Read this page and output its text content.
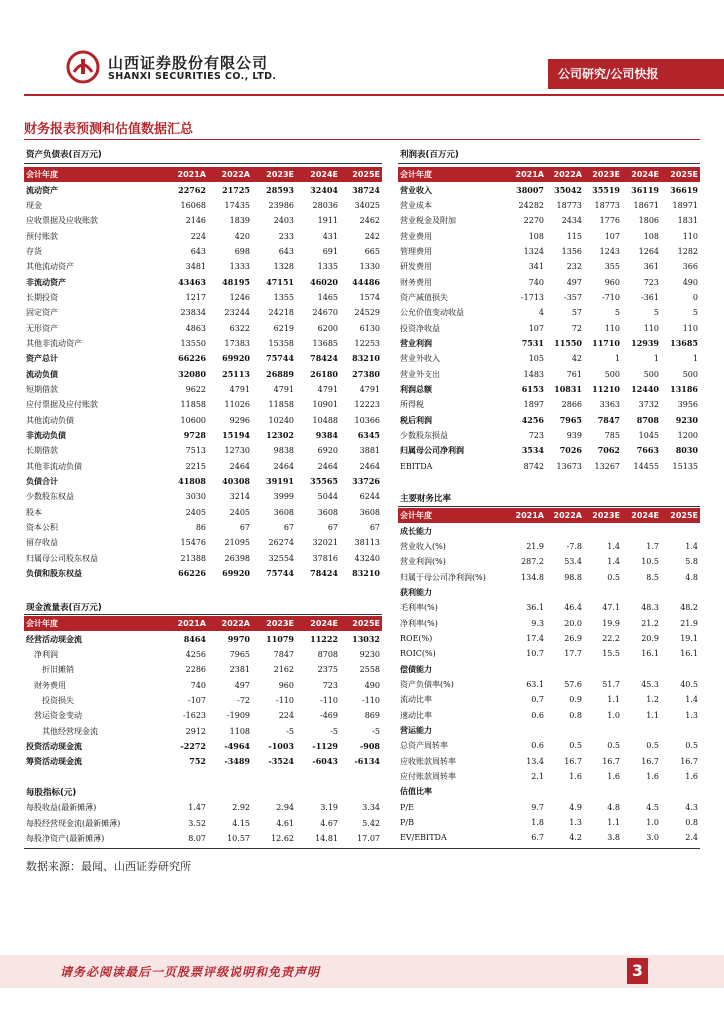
山西证券股份有限公司
SHANXI SECURITIES CO., LTD.	公司研究/公司快报
财务报表预测和估值数据汇总
资产负债表(百万元)
会计年度	2021A	2022A	2023E	2024E	2025E
流动资产	22762	21725	28593	32404	38724
现金	16068	17435	23986	28036	34025
应收票据及应收账款	2146	1839	2403	1911	2462
预付账款	224	420	233	431	242
存货	643	698	643	691	665
其他流动资产	3481	1333	1328	1335	1330
非流动资产	43463	48195	47151	46020	44486
长期投资	1217	1246	1355	1465	1574
固定资产	23834	23244	24218	24670	24529
无形资产	4863	6322	6219	6200	6130
其他非流动资产	13550	17383	15358	13685	12253
资产总计	66226	69920	75744	78424	83210
流动负债	32080	25113	26889	26180	27380
短期借款	9622	4791	4791	4791	4791
应付票据及应付账款	11858	11026	11858	10901	12223
其他流动负债	10600	9296	10240	10488	10366
非流动负债	9728	15194	12302	9384	6345
长期借款	7513	12730	9838	6920	3881
其他非流动负债	2215	2464	2464	2464	2464
负债合计	41808	40308	39191	35565	33726
少数股东权益	3030	3214	3999	5044	6244
股本	2405	2405	3608	3608	3608
资本公积	86	67	67	67	67
留存收益	15476	21095	26274	32021	38113
归属母公司股东权益	21388	26398	32554	37816	43240
负债和股东权益	66226	69920	75744	78424	83210
利润表(百万元)
会计年度	2021A	2022A	2023E	2024E	2025E
营业收入	38007	35042	35519	36119	36619
营业成本	24282	18773	18773	18671	18971
营业税金及附加	2270	2434	1776	1806	1831
营业费用	108	115	107	108	110
管理费用	1324	1356	1243	1264	1282
研发费用	341	232	355	361	366
财务费用	740	497	960	723	490
资产减值损失	-1713	-357	-710	-361	0
公允价值变动收益	4	57	5	5	5
投资净收益	107	72	110	110	110
营业利润	7531	11550	11710	12939	13685
营业外收入	105	42	1	1	1
营业外支出	1483	761	500	500	500
利润总额	6153	10831	11210	12440	13186
所得税	1897	2866	3363	3732	3956
税后利润	4256	7965	7847	8708	9230
少数股东损益	723	939	785	1045	1200
归属母公司净利润	3534	7026	7062	7663	8030
EBITDA	8742	13673	13267	14455	15135
主要财务比率
会计年度	2021A	2022A	2023E	2024E	2025E
成长能力					
营业收入(%)	21.9	-7.8	1.4	1.7	1.4
营业利润(%)	287.2	53.4	1.4	10.5	5.8
归属于母公司净利润(%)	134.8	98.8	0.5	8.5	4.8
获利能力					
毛利率(%)	36.1	46.4	47.1	48.3	48.2
净利率(%)	9.3	20.0	19.9	21.2	21.9
ROE(%)	17.4	26.9	22.2	20.9	19.1
ROIC(%)	10.7	17.7	15.5	16.1	16.1
偿债能力					
资产负债率(%)	63.1	57.6	51.7	45.3	40.5
流动比率	0.7	0.9	1.1	1.2	1.4
速动比率	0.6	0.8	1.0	1.1	1.3
营运能力					
总资产周转率	0.6	0.5	0.5	0.5	0.5
应收账款周转率	13.4	16.7	16.7	16.7	16.7
应付账款周转率	2.1	1.6	1.6	1.6	1.6
估值比率					
P/E	9.7	4.9	4.8	4.5	4.3
P/B	1.8	1.3	1.1	1.0	0.8
EV/EBITDA	6.7	4.2	3.8	3.0	2.4
现金流量表(百万元)
会计年度	2021A	2022A	2023E	2024E	2025E
经营活动现金流	8464	9970	11079	11222	13032
净利润	4256	7965	7847	8708	9230
折旧摊销	2286	2381	2162	2375	2558
财务费用	740	497	960	723	490
投资损失	-107	-72	-110	-110	-110
营运资金变动	-1623	-1909	224	-469	869
其他经营现金流	2912	1108	-5	-5	-5
投资活动现金流	-2272	-4964	-1003	-1129	-908
筹资活动现金流	752	-3489	-3524	-6043	-6134
每股指标(元)
每股收益(最新摊薄)	1.47	2.92	2.94	3.19	3.34
每股经营现金流(最新摊薄)	3.52	4.15	4.61	4.67	5.42
每股净资产(最新摊薄)	8.07	10.57	12.62	14.81	17.07
数据来源：最闻、山西证券研究所
请务必阅读最后一页股票评级说明和免责声明	3
